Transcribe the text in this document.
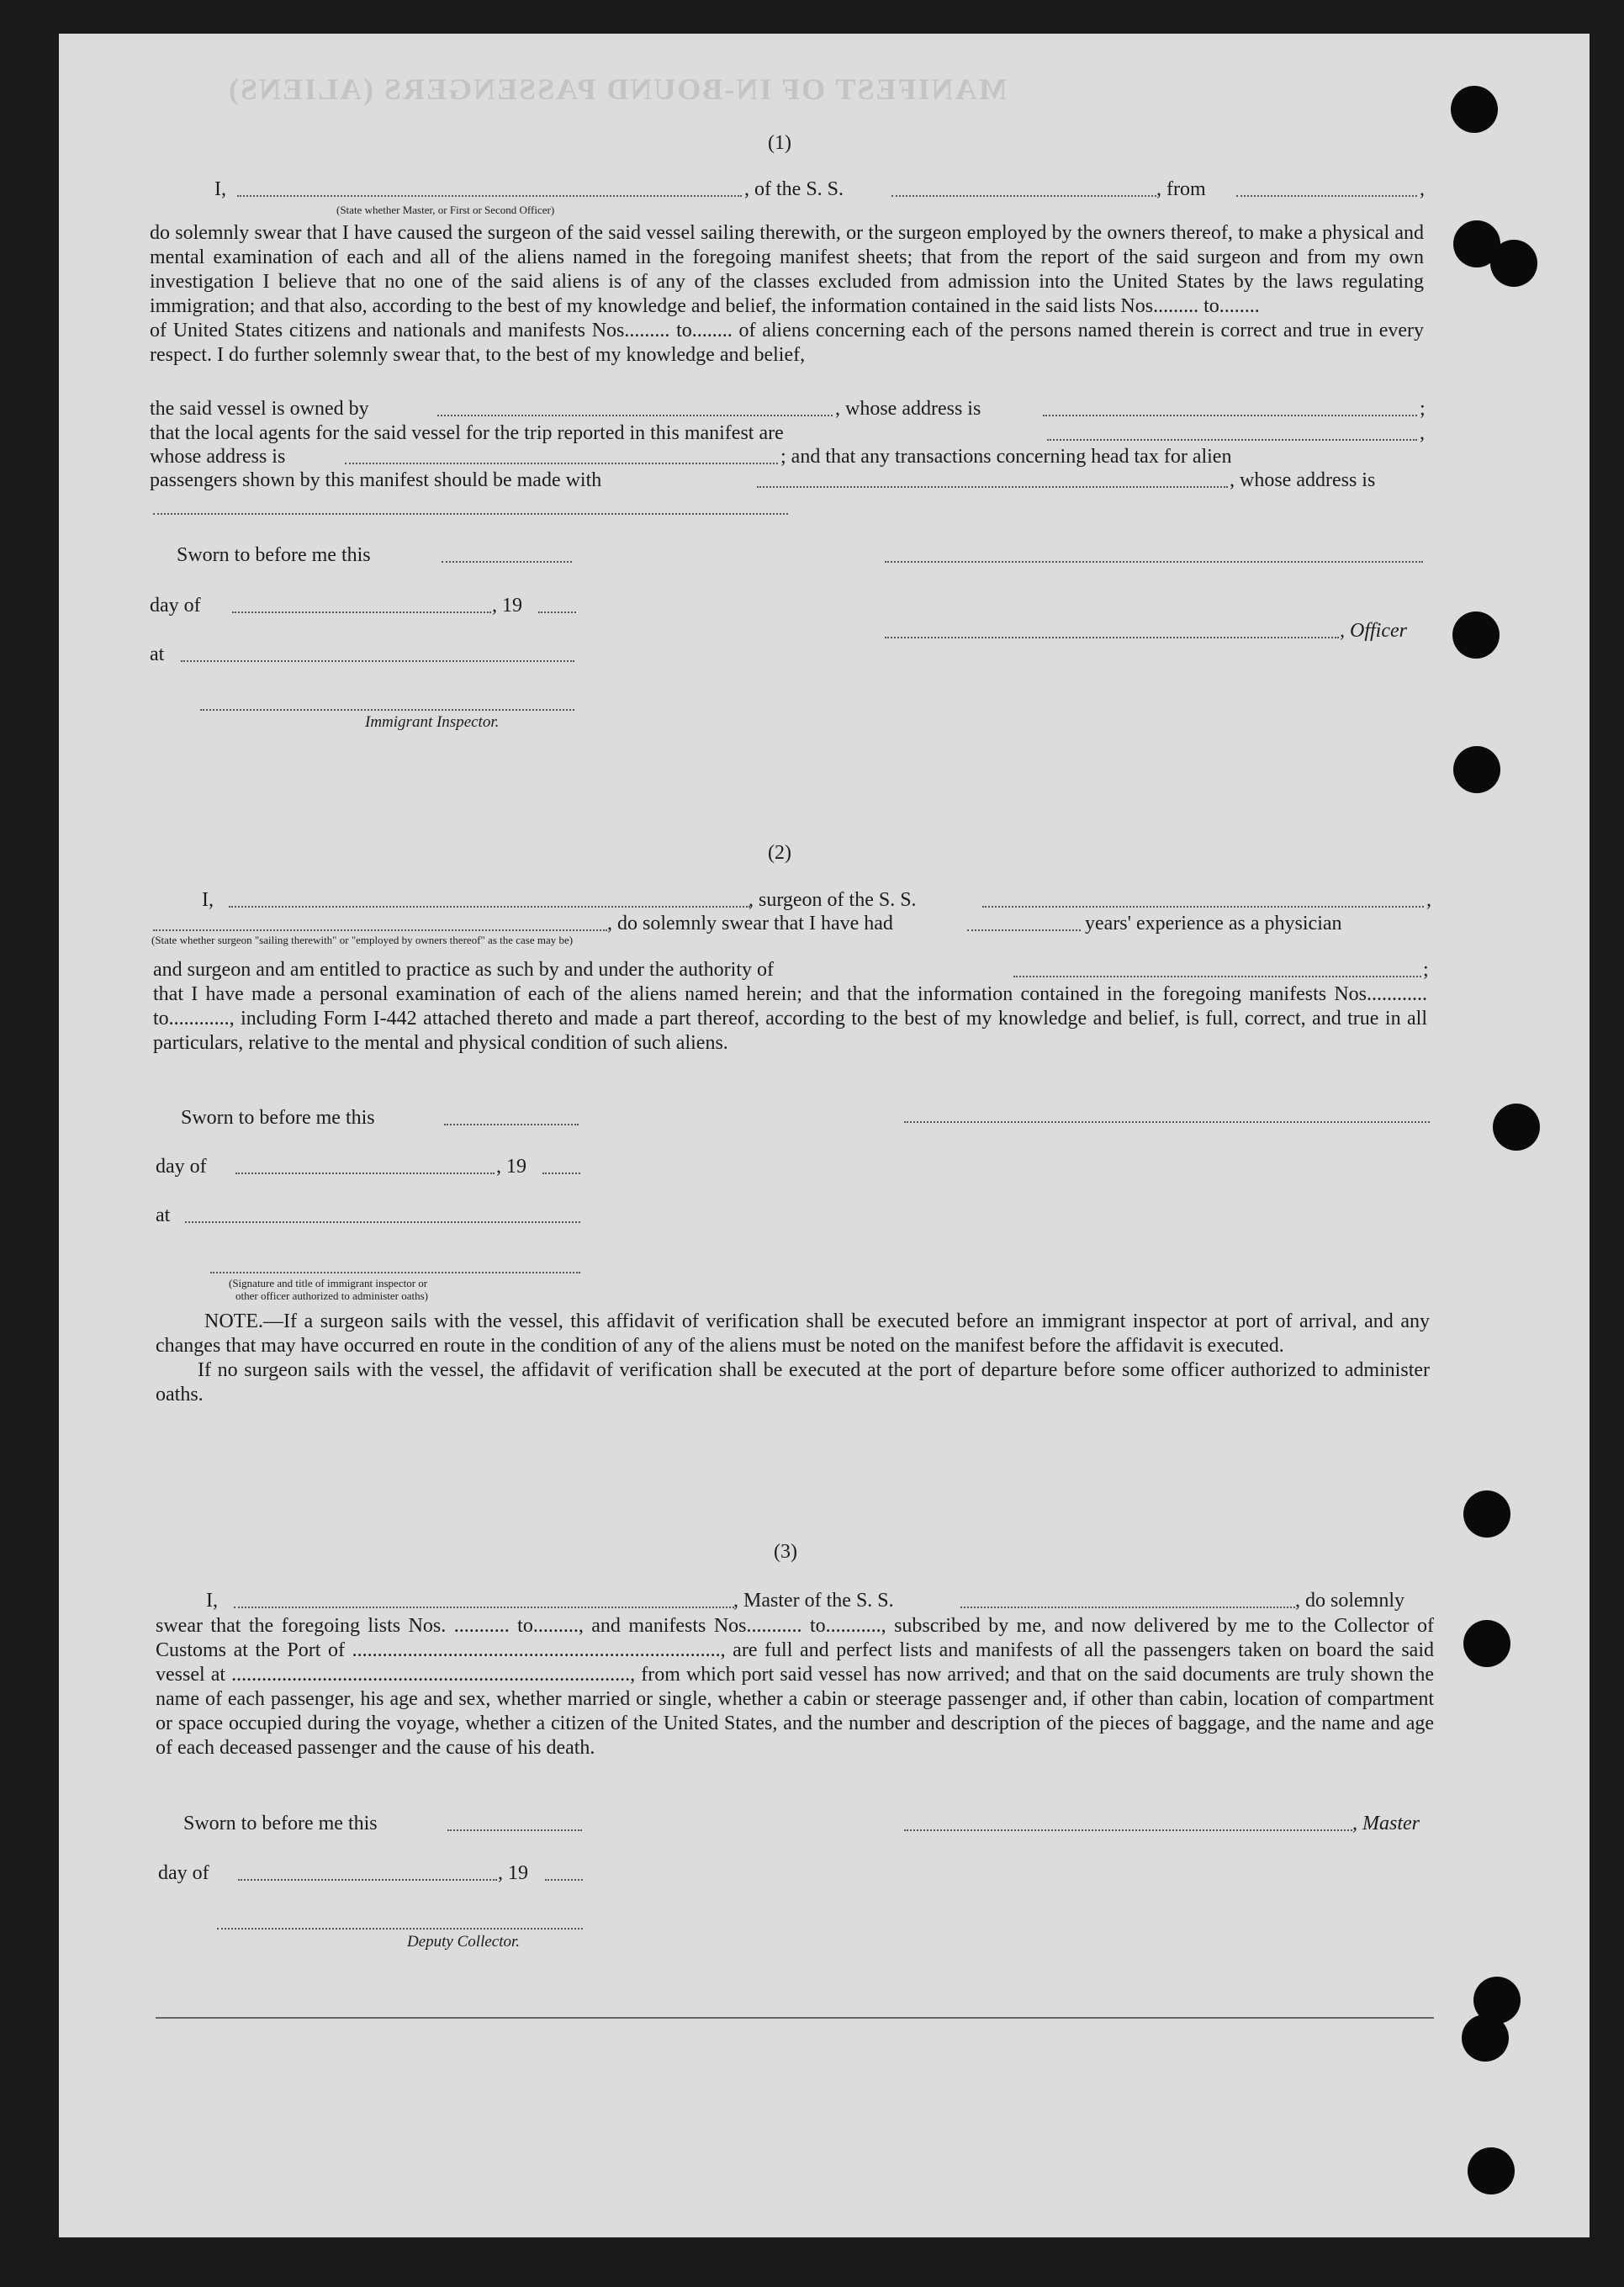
MANIFEST OF IN-BOUND PASSENGERS (ALIENS)
(1)
I,	, of the S. S.	, from	,
(State whether Master, or First or Second Officer)

do solemnly swear that I have caused the surgeon of the said vessel sailing therewith, or the surgeon employed by the owners thereof, to make a physical and mental examination of each and all of the aliens named in the foregoing manifest sheets; that from the report of the said surgeon and from my own investigation I believe that no one of the said aliens is of any of the classes excluded from admission into the United States by the laws regulating immigration; and that also, according to the best of my knowledge and belief, the information contained in the said lists Nos......... to........

of United States citizens and nationals and manifests Nos......... to........ of aliens concerning each of the persons named therein is correct and true in every respect. I do further solemnly swear that, to the best of my knowledge and belief,

the said vessel is owned by	, whose address is	;
that the local agents for the said vessel for the trip reported in this manifest are	,
whose address is	; and that any transactions concerning head tax for alien
passengers shown by this manifest should be made with	, whose address is
Sworn to before me this
day of	, 19
, Officer
at
Immigrant Inspector.
(2)
I,	, surgeon of the S. S.	,
, do solemnly swear that I have had	years' experience as a physician
(State whether surgeon "sailing therewith" or "employed by owners thereof" as the case may be)
and surgeon and am entitled to practice as such by and under the authority of	;

that I have made a personal examination of each of the aliens named herein; and that the information contained in the foregoing manifests Nos............ to............, including Form I-442 attached thereto and made a part thereof, according to the best of my knowledge and belief, is full, correct, and true in all particulars, relative to the mental and physical condition of such aliens.

Sworn to before me this
day of	, 19
at
(Signature and title of immigrant inspector or
other officer authorized to administer oaths)

NOTE.—If a surgeon sails with the vessel, this affidavit of verification shall be executed before an immigrant inspector at port of arrival, and any changes that may have occurred en route in the condition of any of the aliens must be noted on the manifest before the affidavit is executed.

If no surgeon sails with the vessel, the affidavit of verification shall be executed at the port of departure before some officer authorized to administer oaths.

(3)
I,	, Master of the S. S.	, do solemnly

swear that the foregoing lists Nos. ........... to........., and manifests Nos........... to..........., subscribed by me, and now delivered by me to the Collector of Customs at the Port of ........................................................................., are full and perfect lists and manifests of all the passengers taken on board the said vessel at ..............................................................................., from which port said vessel has now arrived; and that on the said documents are truly shown the name of each passenger, his age and sex, whether married or single, whether a cabin or steerage passenger and, if other than cabin, location of compartment or space occupied during the voyage, whether a citizen of the United States, and the number and description of the pieces of baggage, and the name and age of each deceased passenger and the cause of his death.

Sworn to before me this	, Master
day of	, 19
Deputy Collector.
